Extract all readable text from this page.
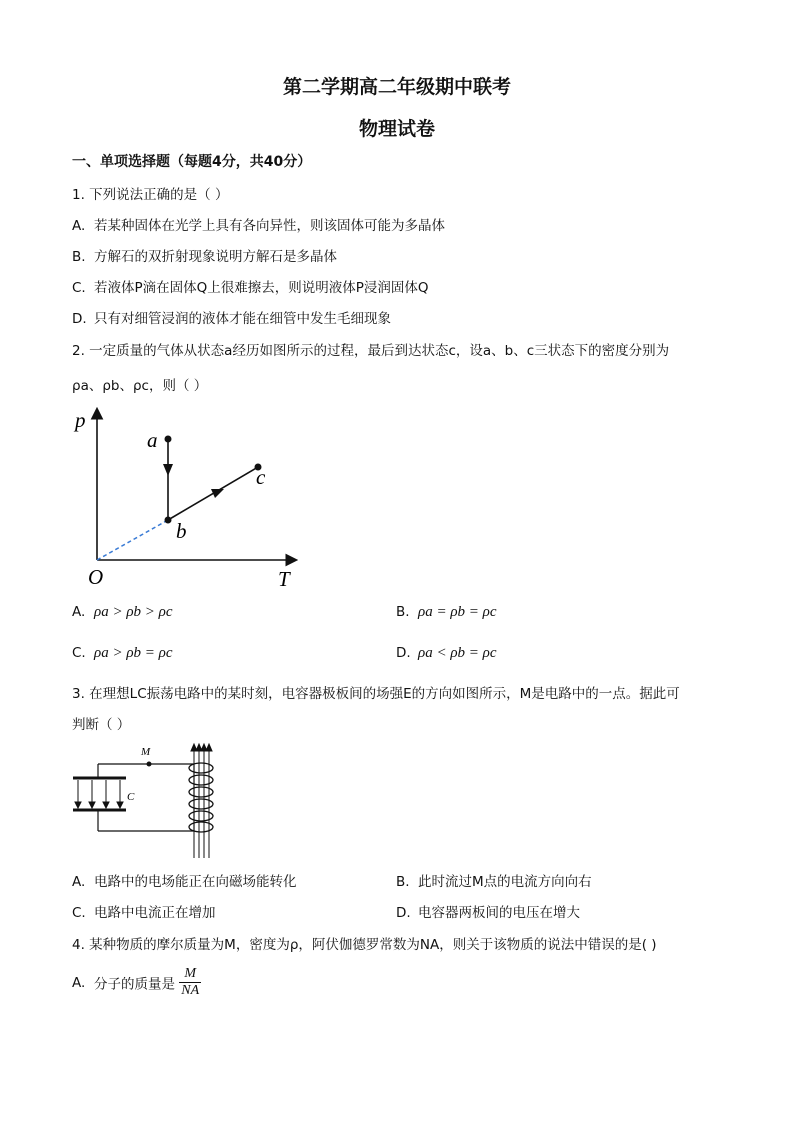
第二学期高二年级期中联考
物理试卷
一、单项选择题（每题4分，共40分）
1. 下列说法正确的是（ ）
A. 若某种固体在光学上具有各向异性，则该固体可能为多晶体
B. 方解石的双折射现象说明方解石是多晶体
C. 若液体P滴在固体Q上很难擦去，则说明液体P浸润固体Q
D. 只有对细管浸润的液体才能在细管中发生毛细现象
2. 一定质量的气体从状态a经历如图所示的过程，最后到达状态c，设a、b、c三状态下的密度分别为
ρa、ρb、ρc，则（ ）
p
a
b
c
O	T
A. ρa > ρb > ρc	B. ρa = ρb = ρc
C. ρa > ρb = ρc	D. ρa < ρb = ρc
3. 在理想LC振荡电路中的某时刻，电容器极板间的场强E的方向如图所示，M是电路中的一点。据此可
判断（ ）
C
M
A. 电路中的电场能正在向磁场能转化	B. 此时流过M点的电流方向向右
C. 电路中电流正在增加	D. 电容器两板间的电压在增大
4. 某种物质的摩尔质量为M，密度为ρ，阿伏伽德罗常数为NA，则关于该物质的说法中错误的是( )
A. 分子的质量是 $\frac{M}{NA}$
